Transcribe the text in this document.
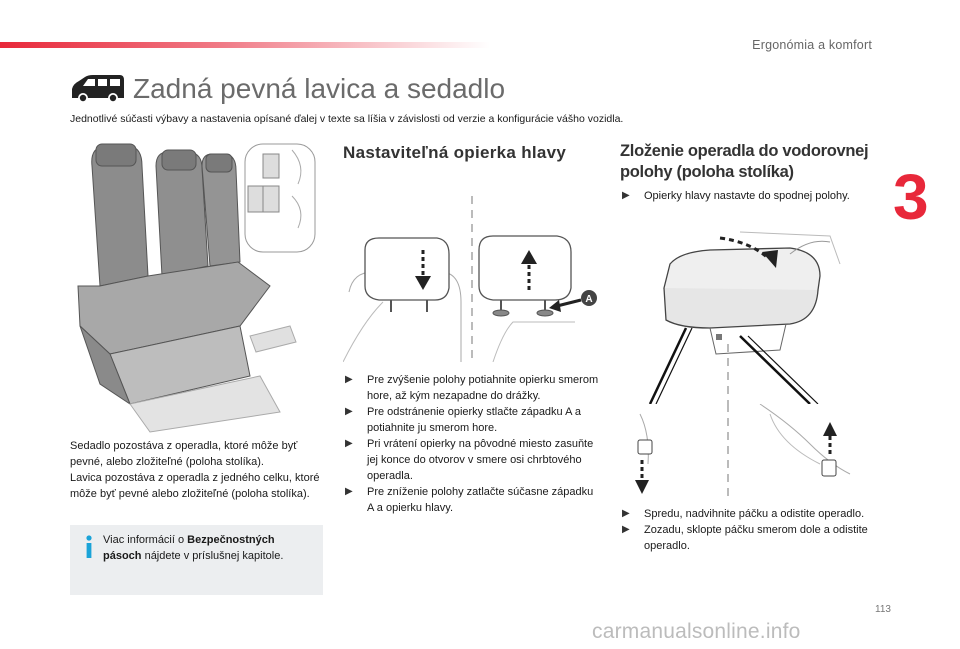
Ergonómia a komfort
3
Zadná pevná lavica a sedadlo
Jednotlivé súčasti výbavy a nastavenia opísané ďalej v texte sa líšia v závislosti od verzie a konfigurácie vášho vozidla.

Sedadlo pozostáva z operadla, ktoré môže byť pevné, alebo zložiteľné (poloha stolíka).

Lavica pozostáva z operadla z jedného celku, ktoré môže byť pevné alebo zložiteľné (poloha stolíka).

Viac informácií o Bezpečnostných pásoch nájdete v príslušnej kapitole.
Nastaviteľná opierka hlavy
A
▶ Pre zvýšenie polohy potiahnite opierku smerom hore, až kým nezapadne do drážky.
▶ Pre odstránenie opierky stlačte západku A a potiahnite ju smerom hore.
▶ Pri vrátení opierky na pôvodné miesto zasuňte jej konce do otvorov v smere osi chrbtového operadla.
▶ Pre zníženie polohy zatlačte súčasne západku A a opierku hlavy.
Zloženie operadla do vodorovnej polohy (poloha stolíka)
▶ Opierky hlavy nastavte do spodnej polohy.
▶ Spredu, nadvihnite páčku a odistite operadlo.
▶ Zozadu, sklopte páčku smerom dole a odistite operadlo.
113
carmanualsonline.info
